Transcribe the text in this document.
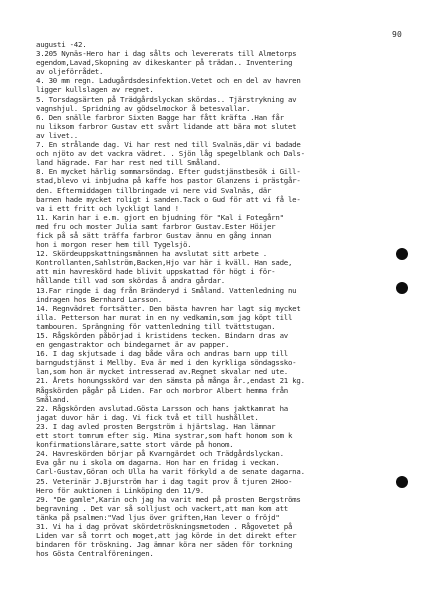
90
augusti -42.
3.205 Nynäs-Hero har i dag sålts och levererats till Almetorps
egendom,Lavad,Skopning av dikeskanter på trädan.. Inventering
av oljeförrådet.
4. 30 mm regn. Ladugårdsdesinfektion.Vetet och en del av havren
ligger kullslagen av regnet.
5. Torsdagsärten på Trädgårdslyckan skördas.. Tjärstrykning av
vagnshjul. Spridning av gödselmockor å betesvallar.
6. Den snälle farbror Sixten Bagge har fått kräfta .Han får
nu liksom farbror Gustav ett svårt lidande att bära mot slutet
av livet..
7. En strålande dag. Vi har rest ned till Svalnäs,där vi badade
och njöto av det vackra vädret. . Sjön låg spegelblank och Dals-
land hägrade. Far har rest ned till Småland.
8. En mycket härlig sommarsöndag. Efter gudstjänstbesök i Gill-
stad,blevo vi inbjudna på kaffe hos pastor Glanzens i prästgår-
den. Eftermiddagen tillbringade vi nere vid Svalnäs, där
barnen hade mycket roligt i sanden.Tack o Gud för att vi få le-
va i ett fritt och lyckligt land !
11. Karin har i e.m. gjort en bjudning för "Kal i Fotegårn"
med fru och moster Julia samt farbror Gustav.Ester Höijer
fick på så sätt träffa farbror Gustav ännu en gång innan
hon i morgon reser hem till Tygelsjö.
12. Skördeuppskattningsmännen ha avslutat sitt arbete .
Kontrollanten,Sahlström,Backen,Hjo var här i kväll. Han sade,
att min havreskörd hade blivit uppskattad för högt i för-
hållande till vad som skördas å andra gårdar.
13.Far ringde i dag från Bränderyd i Småland. Vattenledning nu
indragen hos Bernhard Larsson.
14. Regnvädret fortsätter. Den bästa havren har lagt sig mycket
illa. Petterson har murat in en ny vedkamin,som jag köpt till
tambouren. Sprängning för vattenledning till tvättstugan.
15. Rågskörden påbörjad i kristidens tecken. Bindarn dras av
en gengastraktor och bindegarnet är av papper.
16. I dag skjutsade i dag både våra och andras barn upp till
barngudstjänst i Mellby. Eva är med i den kyrkliga söndagssko-
lan,som hon är mycket intresserad av.Regnet skvalar ned ute.
21. Årets honungsskörd var den sämsta på många år.,endast 21 kg.
Rågskörden pågår på Liden. Far och morbror Albert hemma från
Småland.
22. Rågskörden avslutad.Gösta Larsson och hans jaktkamrat ha
jagat duvor här i dag. Vi fick två et till hushållet.
23. I dag avled prosten Bergström i hjärtslag. Han lämnar
ett stort tomrum efter sig. Mina systrar,som haft honom som k
konfirmationslärare,satte stort värde på honom.
24. Havreskörden börjar på Kvarngärdet och Trädgårdslyckan.
Eva går nu i skola om dagarna. Hon har en fridag i veckan.
Carl-Gustav,Göran och Ulla ha varit förkyld a de senate dagarna.
25. Veterinär J.Bjurström har i dag tagit prov å tjuren 2Hoo-
Hero för auktionen i Linköping den 11/9.
29. "De gamle",Karin och jag ha varit med på prosten Bergströms
begravning . Det var så solljust och vackert,att man kom att
tänka på psalmen:"Vad ljus över griften,Han lever o fröjd"
31. Vi ha i dag prövat skördetröskningsmetoden . Rågovetet på
Liden var så torrt och moget,att jag körde in det direkt efter
bindaren för tröskning. Jag ämnar köra ner säden för torkning
hos Gösta Centralföreningen.
